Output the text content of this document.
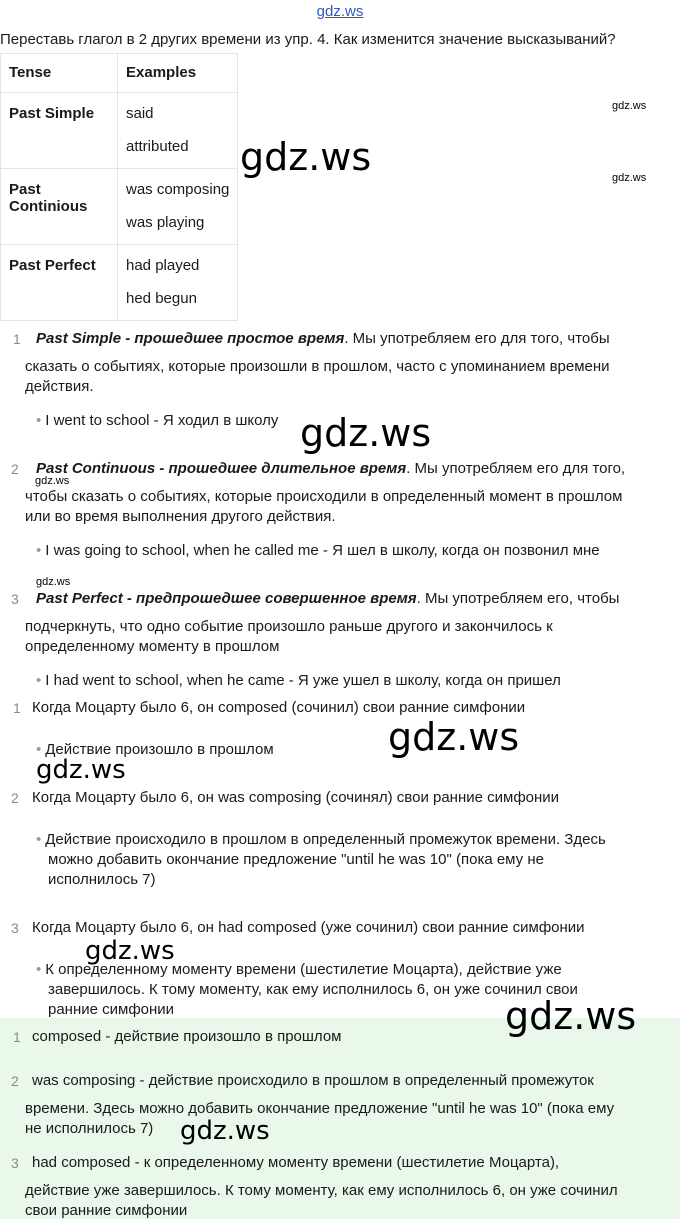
gdz.ws
Переставь глагол в 2 других времени из упр. 4. Как изменится значение высказываний?
Tense	Examples
Past Simple	said
attributed

Past Continious	was composing
was playing

Past Perfect	had played
hed begun
1 Past Simple - прошедшее простое время. Мы употребляем его для того, чтобы
сказать о событиях, которые произошли в прошлом, часто с упоминанием времени
действия.
• I went to school - Я ходил в школу
2 Past Continuous - прошедшее длительное время. Мы употребляем его для того,
чтобы сказать о событиях, которые происходили в определенный момент в прошлом
или во время выполнения другого действия.
• I was going to school, when he called me - Я шел в школу, когда он позвонил мне
3 Past Perfect - предпрошедшее совершенное время. Мы употребляем его, чтобы
подчеркнуть, что одно событие произошло раньше другого и закончилось к
определенному моменту в прошлом
• I had went to school, when he came - Я уже ушел в школу, когда он пришел
1 Когда Моцарту было 6, он composed (сочинил) свои ранние симфонии
• Действие произошло в прошлом
2 Когда Моцарту было 6, он was composing (сочинял) свои ранние симфонии
• Действие происходило в прошлом в определенный промежуток времени. Здесь
можно добавить окончание предложение "until he was 10" (пока ему не
исполнилось 7)
3 Когда Моцарту было 6, он had composed (уже сочинил) свои ранние симфонии
• К определенному моменту времени (шестилетие Моцарта), действие уже
завершилось. К тому моменту, как ему исполнилось 6, он уже сочинил свои
ранние симфонии
1 composed - действие произошло в прошлом
2 was composing - действие происходило в прошлом в определенный промежуток
времени. Здесь можно добавить окончание предложение "until he was 10" (пока ему
не исполнилось 7)
3 had composed - к определенному моменту времени (шестилетие Моцарта),
действие уже завершилось. К тому моменту, как ему исполнилось 6, он уже сочинил
свои ранние симфонии
gdz.ws
gdz.ws
gdz.ws
gdz.ws
gdz.ws
gdz.ws
gdz.ws
gdz.ws
gdz.ws
gdz.ws
gdz.ws
